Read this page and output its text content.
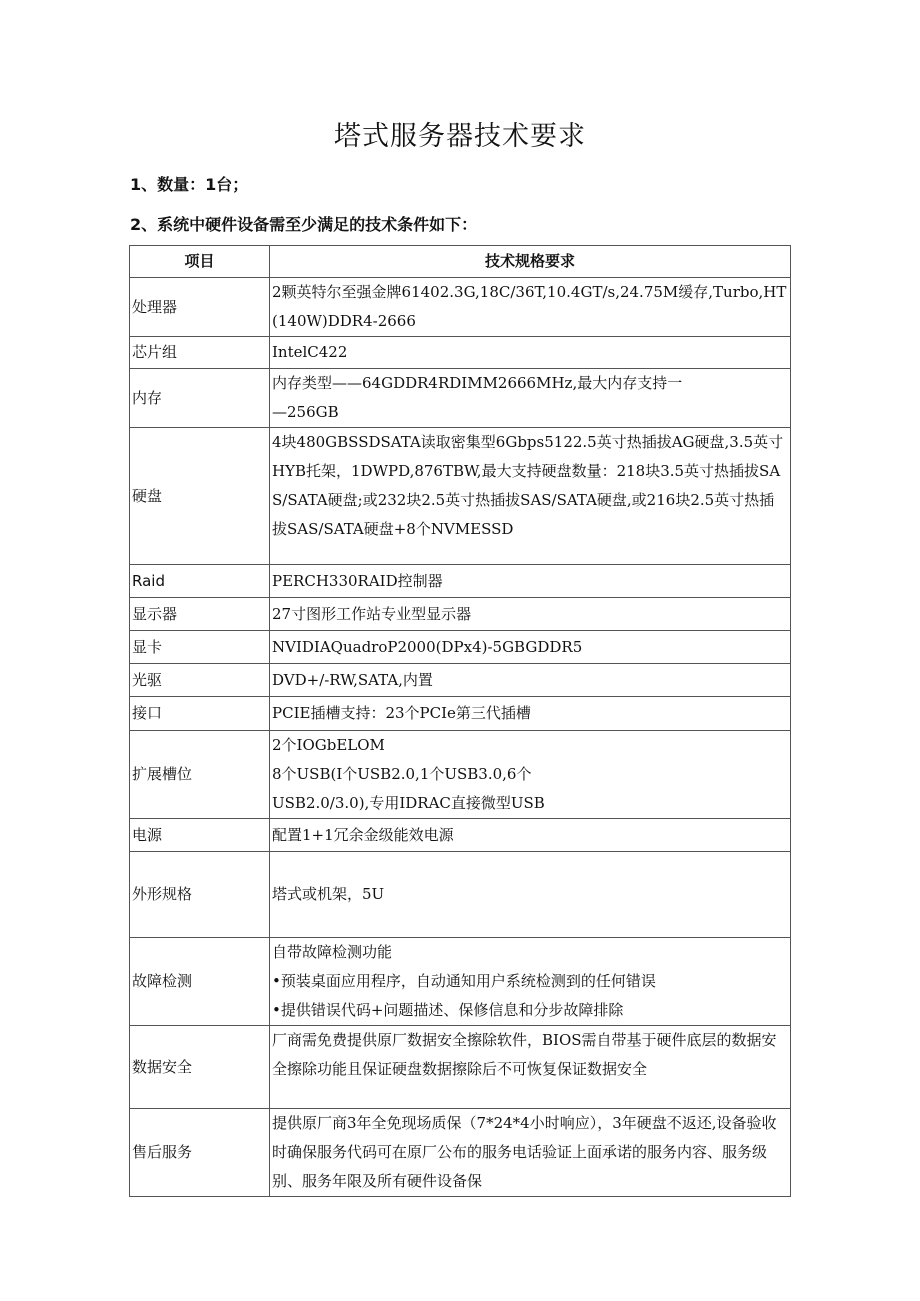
塔式服务器技术要求
1、数量：1台；
2、系统中硬件设备需至少满足的技术条件如下：
项目	技术规格要求
处理器	2颗英特尔至强金牌61402.3G,18C/36T,10.4GT/s,24.75M缓存,Turbo,HT(140W)DDR4-2666

芯片组	IntelC422

内存	内存类型——64GDDR4RDIMM2666MHz,最大内存支持一
—256GB

硬盘	4块480GBSSDSATA读取密集型6Gbps5122.5英寸热插拔AG硬盘,3.5英寸HYB托架，1DWPD,876TBW,最大支持硬盘数量：218块3.5英寸热插拔SAS/SATA硬盘;或232块2.5英寸热插拔SAS/SATA硬盘,或216块2.5英寸热插拔SAS/SATA硬盘+8个NVMESSD

Raid	PERCH330RAID控制器

显示器	27寸图形工作站专业型显示器

显卡	NVIDIAQuadroP2000(DPx4)-5GBGDDR5

光驱	DVD+/-RW,SATA,内置

接口	PCIE插槽支持：23个PCIe第三代插槽

扩展槽位	2个IOGbELOM
8个USB(I个USB2.0,1个USB3.0,6个
USB2.0/3.0),专用IDRAC直接微型USB

电源	配置1+1冗余金级能效电源

外形规格	塔式或机架，5U

故障检测	自带故障检测功能
•预装桌面应用程序，自动通知用户系统检测到的任何错误
•提供错误代码+问题描述、保修信息和分步故障排除

数据安全	厂商需免费提供原厂数据安全擦除软件，BIOS需自带基于硬件底层的数据安全擦除功能且保证硬盘数据擦除后不可恢复保证数据安全

售后服务	提供原厂商3年全免现场质保（7*24*4小时响应），3年硬盘不返还,设备验收时确保服务代码可在原厂公布的服务电话验证上面承诺的服务内容、服务级别、服务年限及所有硬件设备保
